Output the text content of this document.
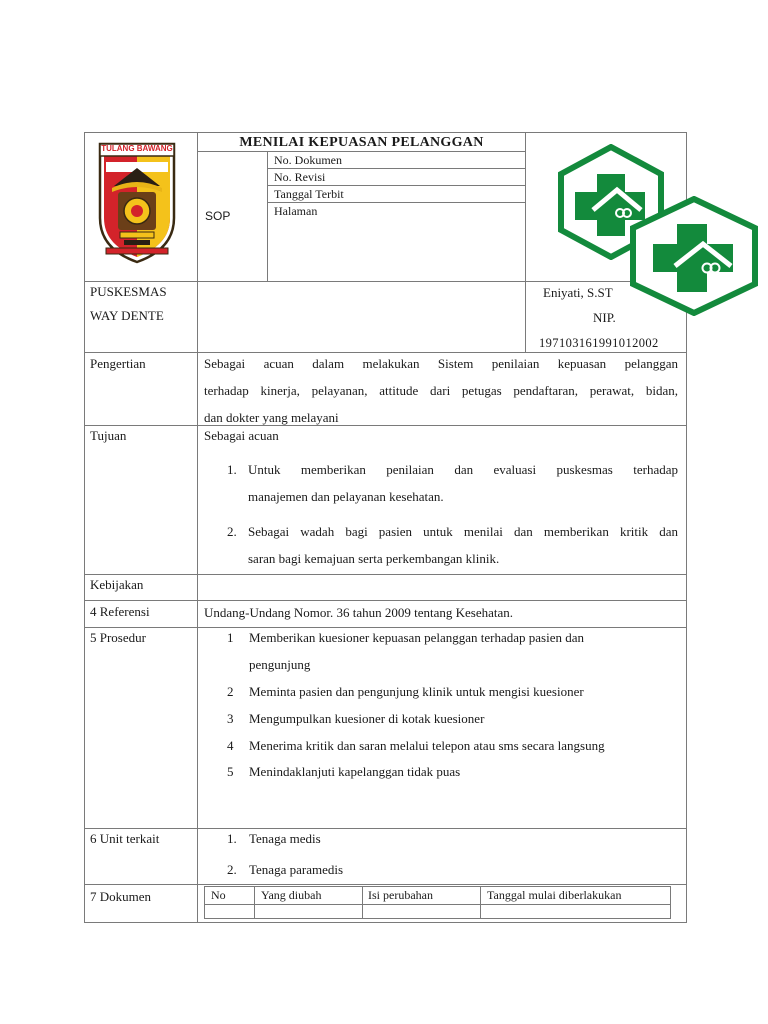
TULANG BAWANG	MENILAI KEPUASAN PELANGGAN
SOP
No. Dokumen
No. Revisi
Tanggal Terbit
Halaman
PUSKESMAS
WAY DENTE
Eniyati, S.ST
NIP.
197103161991012002
Pengertian	Sebagai acuan dalam melakukan Sistem penilaian kepuasan pelanggan
terhadap kinerja, pelayanan, attitude dari petugas pendaftaran, perawat, bidan,
dan dokter yang melayani
Tujuan	Sebagai acuan
1. Untuk memberikan penilaian dan evaluasi puskesmas terhadap
manajemen dan pelayanan kesehatan.
2. Sebagai wadah bagi pasien untuk menilai dan memberikan kritik dan
saran bagi kemajuan serta perkembangan klinik.
Kebijakan
4 Referensi	Undang-Undang Nomor. 36 tahun 2009 tentang Kesehatan.
5 Prosedur	1 Memberikan kuesioner kepuasan pelanggan terhadap pasien dan
pengunjung
2 Meminta pasien dan pengunjung klinik untuk mengisi kuesioner
3 Mengumpulkan kuesioner di kotak kuesioner
4 Menerima kritik dan saran melalui telepon atau sms secara langsung
5 Menindaklanjuti kapelanggan tidak puas
6 Unit terkait	1. Tenaga medis
2. Tenaga paramedis
7 Dokumen	No	Yang diubah	Isi perubahan	Tanggal mulai diberlakukan
